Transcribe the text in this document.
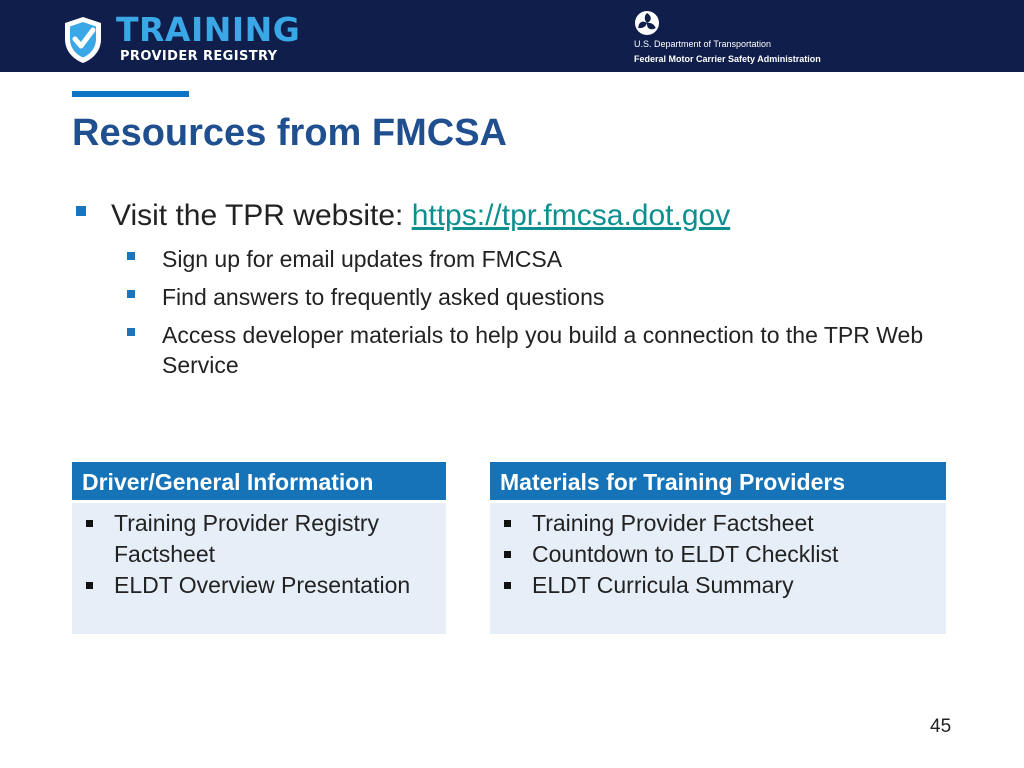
TRAINING
PROVIDER REGISTRY
U.S. Department of Transportation
Federal Motor Carrier Safety Administration
Resources from FMCSA
Visit the TPR website: https://tpr.fmcsa.dot.gov
Sign up for email updates from FMCSA
Find answers to frequently asked questions
Access developer materials to help you build a connection to the TPR Web Service
Driver/General Information
Training Provider Registry Factsheet
ELDT Overview Presentation
Materials for Training Providers
Training Provider Factsheet
Countdown to ELDT Checklist
ELDT Curricula Summary
45
